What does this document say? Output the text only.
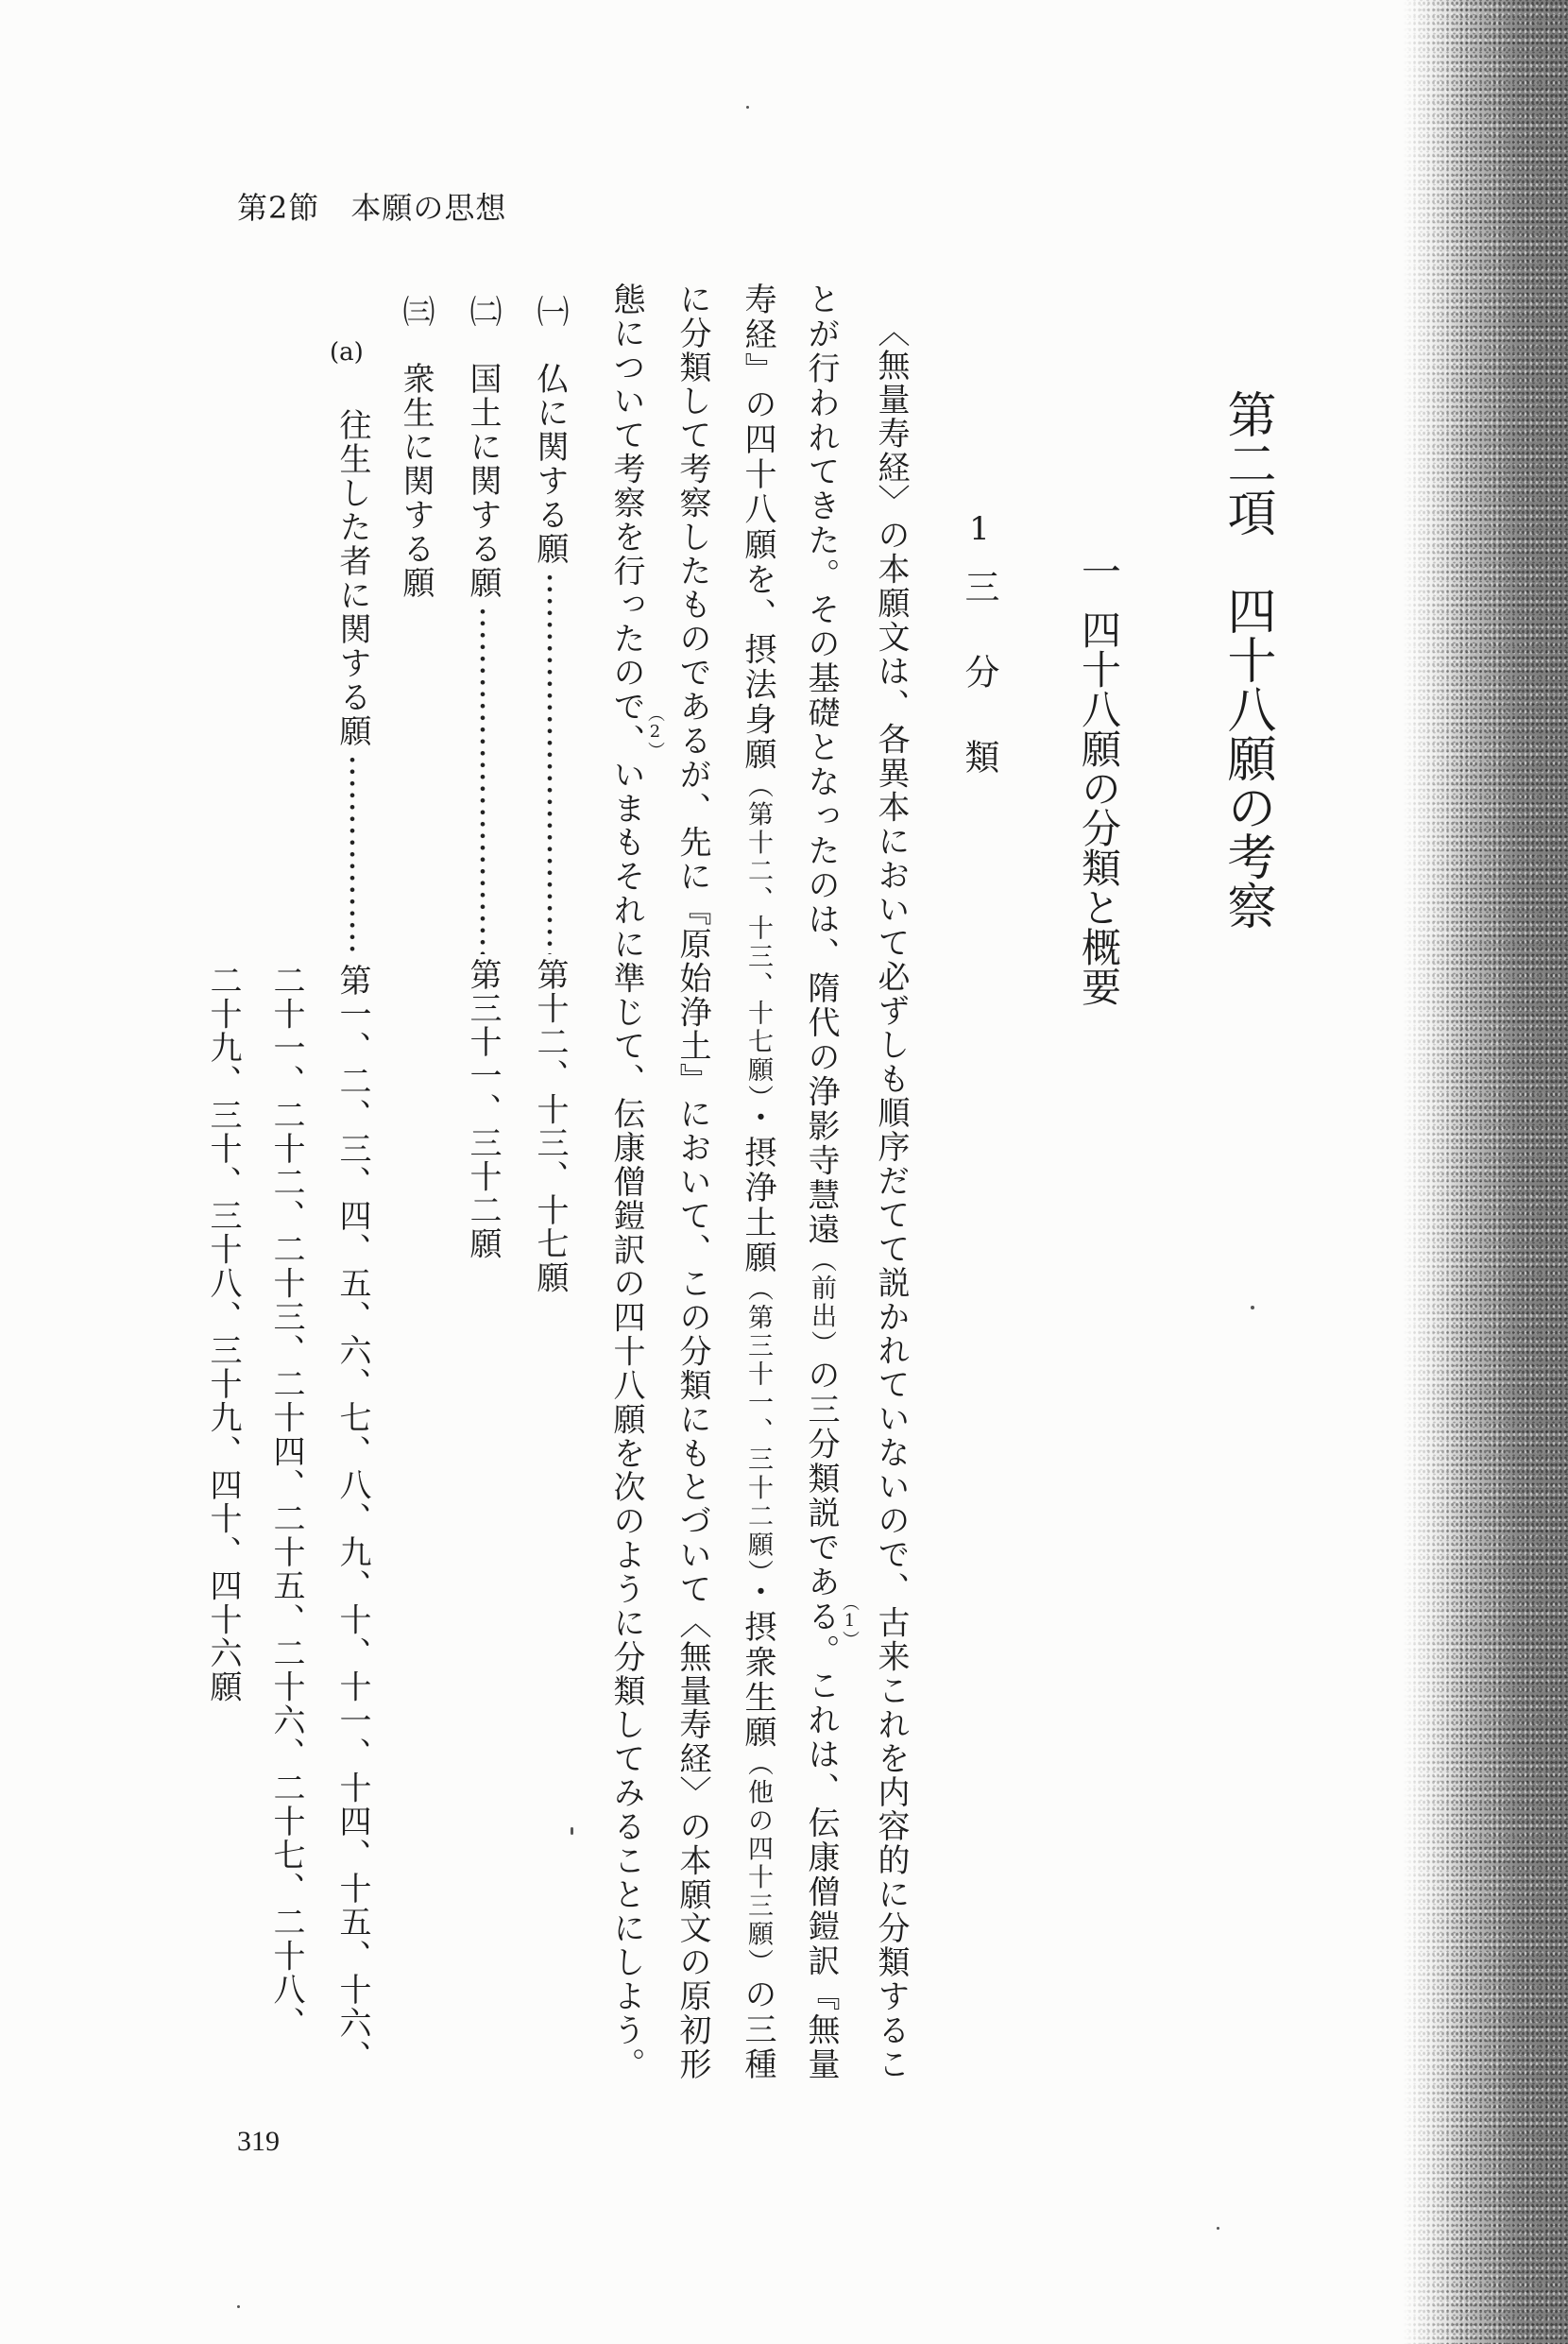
第2節　本願の思想
第二項　四十八願の考察
一
四十八願の分類と概要
1
三分類
〈無量寿経〉の本願文は、各異本において必ずしも順序だてて説かれていないので、古来これを内容的に分類するこ
とが行われてきた。その基礎となったのは、隋代の浄影寺慧遠（前出）の三分類説である （1）
。これは、伝康僧鎧訳『無量
寿経』の四十八願を、摂法身願（第十二、十三、十七願）・摂浄土願（第三十一、三十二願）・摂衆生願（他の四十三願）の三種
に分類して考察したものであるが、先に『原始浄土』において、この分類にもとづいて〈無量寿経〉の本願文の原初形
態について考察を行ったので （2）
、いまもそれに準じて、伝康僧鎧訳の四十八願を次のように分類してみることにしよう。
㈠
仏に関する願
第十二、十三、十七願
㈡
国土に関する願
第三十一、三十二願
㈢
衆生に関する願
(a)
往生した者に関する願
第一、二、三、四、五、六、七、八、九、十、十一、十四、十五、十六、
二十一、二十二、二十三、二十四、二十五、二十六、二十七、二十八、
二十九、三十、三十八、三十九、四十、四十六願
319
